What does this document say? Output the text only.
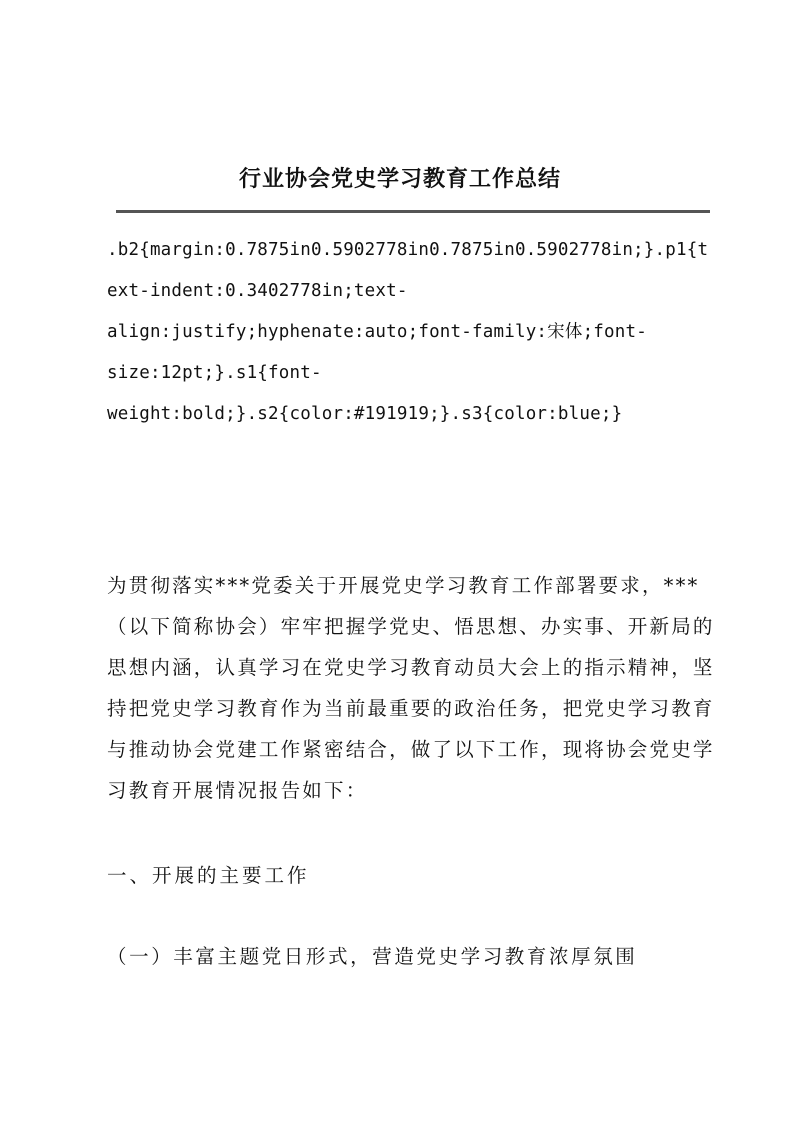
行业协会党史学习教育工作总结
.b2{margin:0.7875in0.5902778in0.7875in0.5902778in;}.p1{t
ext-indent:0.3402778in;text-
align:justify;hyphenate:auto;font-family:宋体;font-
size:12pt;}.s1{font-
weight:bold;}.s2{color:#191919;}.s3{color:blue;}
为贯彻落实***党委关于开展党史学习教育工作部署要求，***
（以下简称协会）牢牢把握学党史、悟思想、办实事、开新局的
思想内涵，认真学习在党史学习教育动员大会上的指示精神，坚
持把党史学习教育作为当前最重要的政治任务，把党史学习教育
与推动协会党建工作紧密结合，做了以下工作，现将协会党史学
习教育开展情况报告如下：
一、开展的主要工作
（一）丰富主题党日形式，营造党史学习教育浓厚氛围
